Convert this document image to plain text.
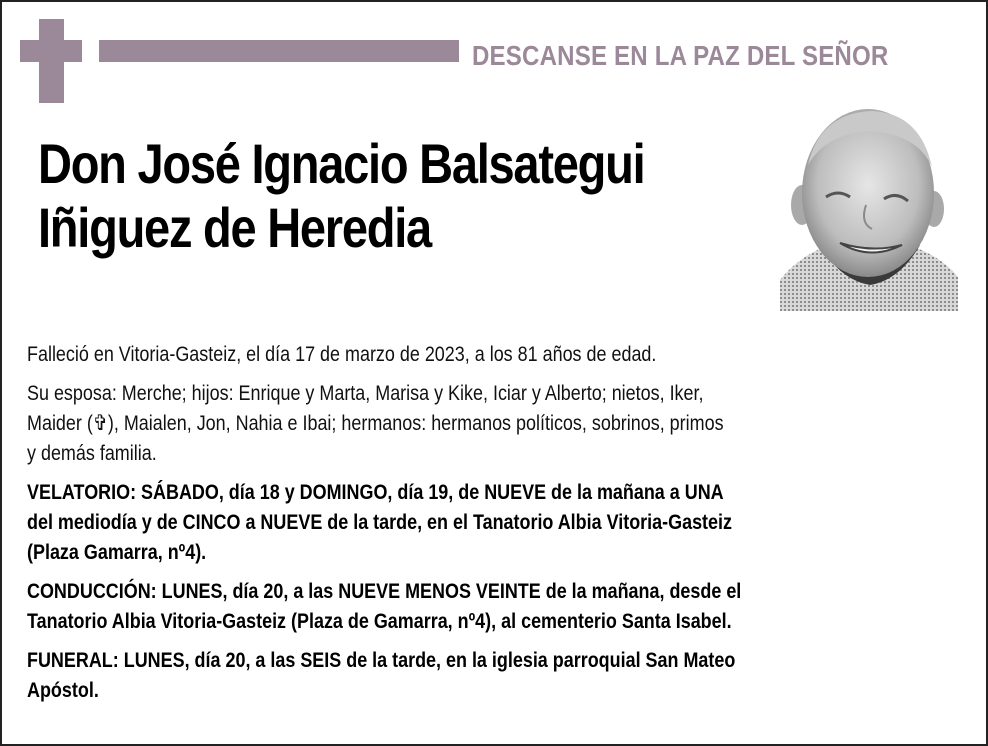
DESCANSE EN LA PAZ DEL SEÑOR
Don José Ignacio Balsategui
Iñiguez de Heredia

Falleció en Vitoria-Gasteiz, el día 17 de marzo de 2023, a los 81 años de edad.

Su esposa: Merche; hijos: Enrique y Marta, Marisa y Kike, Iciar y Alberto; nietos, Iker,
Maider (✞), Maialen, Jon, Nahia e Ibai; hermanos: hermanos políticos, sobrinos, primos
y demás familia.

VELATORIO: SÁBADO, día 18 y DOMINGO, día 19, de NUEVE de la mañana a UNA
del mediodía y de CINCO a NUEVE de la tarde, en el Tanatorio Albia Vitoria-Gasteiz
(Plaza Gamarra, nº4).

CONDUCCIÓN: LUNES, día 20, a las NUEVE MENOS VEINTE de la mañana, desde el
Tanatorio Albia Vitoria-Gasteiz (Plaza de Gamarra, nº4), al cementerio Santa Isabel.

FUNERAL: LUNES, día 20, a las SEIS de la tarde, en la iglesia parroquial San Mateo
Apóstol.
